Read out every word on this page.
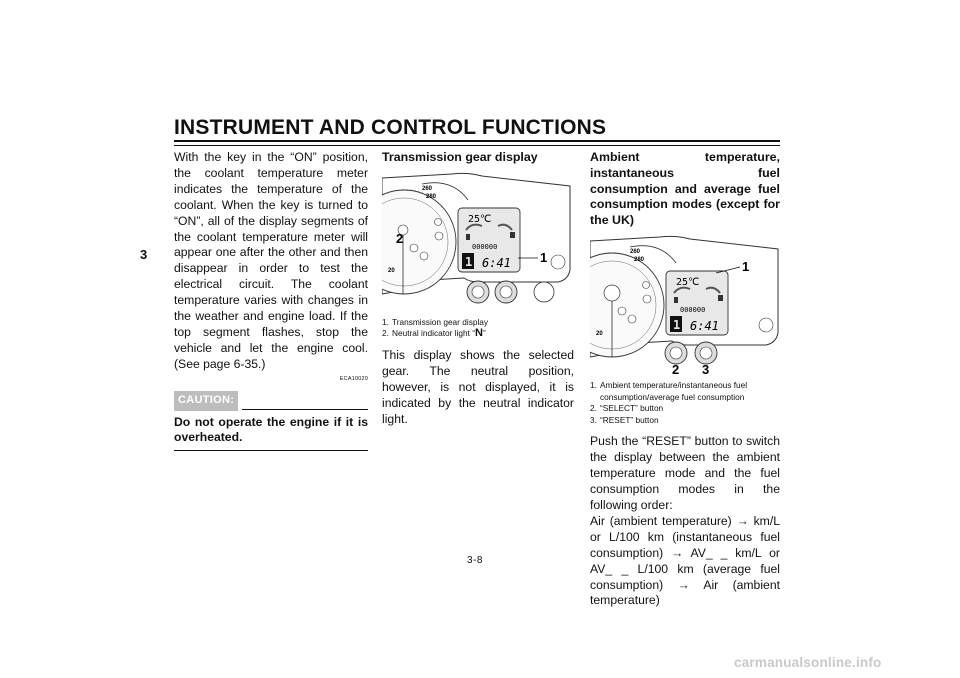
INSTRUMENT AND CONTROL FUNCTIONS
3

With the key in the “ON” position, the coolant temperature meter indicates the temperature of the coolant. When the key is turned to “ON”, all of the display segments of the coolant temperature meter will appear one after the other and then disappear in order to test the electrical circuit. The coolant temperature varies with changes in the weather and engine load. If the top segment flashes, stop the vehicle and let the engine cool. (See page 6-35.)

ECA10020
CAUTION:

Do not operate the engine if it is overheated.

Transmission gear display

260
280
20
25℃
000000
1 6:41
2
1
1. Transmission gear display
2. Neutral indicator light “N”

This display shows the selected gear. The neutral position, however, is not displayed, it is indicated by the neutral indicator light.

Ambient temperature, instantaneous fuel consumption and average fuel consumption modes (except for the UK)

260
280
20
25℃
000000
1 6:41
1
2 3
1. Ambient temperature/instantaneous fuel consumption/average fuel consumption
2. “SELECT” button
3. “RESET” button

Push the “RESET” button to switch the display between the ambient temperature mode and the fuel consumption modes in the following order:

Air (ambient temperature) → km/L or L/100 km (instantaneous fuel consumption) → AV_ _ km/L or AV_ _ L/100 km (average fuel consumption) → Air (ambient temperature)

3-8
carmanualsonline.info
